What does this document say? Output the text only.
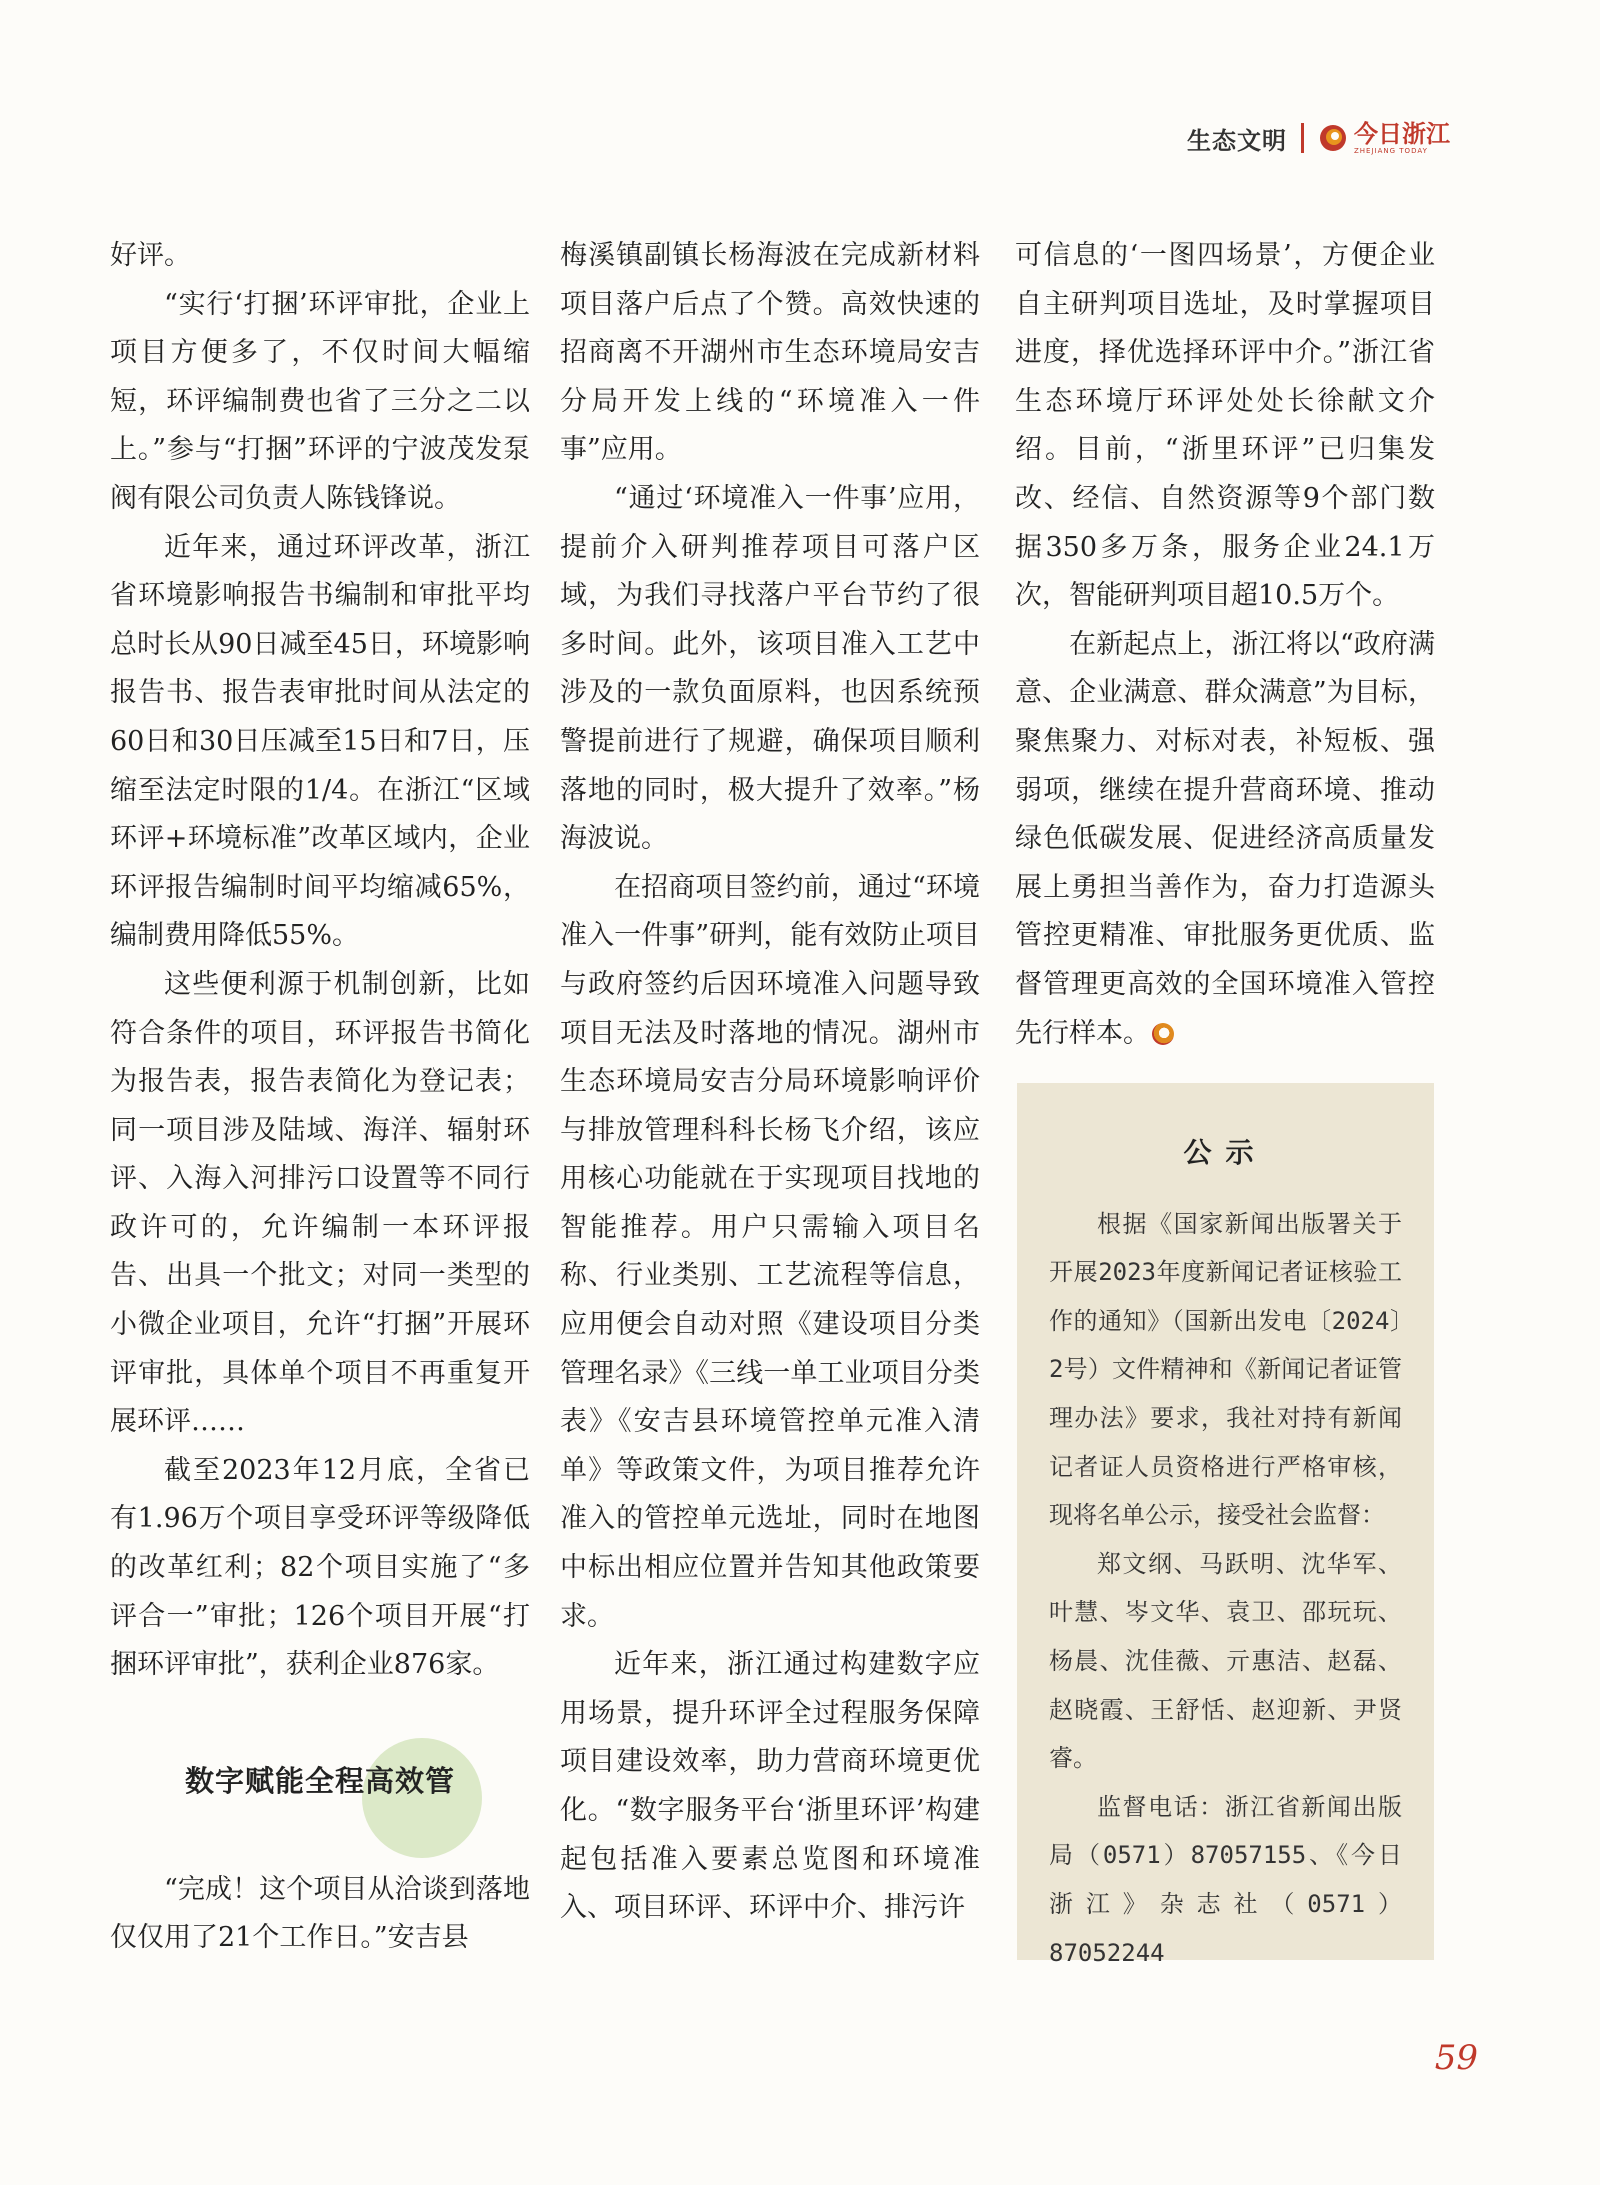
生态文明	今日浙江
ZHEJIANG TODAY

好评。

“实行‘打捆’环评审批，企业上项目方便多了，不仅时间大幅缩短，环评编制费也省了三分之二以上。”参与“打捆”环评的宁波茂发泵阀有限公司负责人陈钱锋说。

近年来，通过环评改革，浙江省环境影响报告书编制和审批平均总时长从90日减至45日，环境影响报告书、报告表审批时间从法定的60日和30日压减至15日和7日，压缩至法定时限的1/4。在浙江“区域环评+环境标准”改革区域内，企业环评报告编制时间平均缩减65%，编制费用降低55%。

这些便利源于机制创新，比如符合条件的项目，环评报告书简化为报告表，报告表简化为登记表；同一项目涉及陆域、海洋、辐射环评、入海入河排污口设置等不同行政许可的，允许编制一本环评报告、出具一个批文；对同一类型的小微企业项目，允许“打捆”开展环评审批，具体单个项目不再重复开展环评……

截至2023年12月底，全省已有1.96万个项目享受环评等级降低的改革红利；82个项目实施了“多评合一”审批；126个项目开展“打捆环评审批”，获利企业876家。

数字赋能全程高效管

“完成！这个项目从洽谈到落地仅仅用了21个工作日。”安吉县

梅溪镇副镇长杨海波在完成新材料项目落户后点了个赞。高效快速的招商离不开湖州市生态环境局安吉分局开发上线的“环境准入一件事”应用。

“通过‘环境准入一件事’应用，提前介入研判推荐项目可落户区域，为我们寻找落户平台节约了很多时间。此外，该项目准入工艺中涉及的一款负面原料，也因系统预警提前进行了规避，确保项目顺利落地的同时，极大提升了效率。”杨海波说。

在招商项目签约前，通过“环境准入一件事”研判，能有效防止项目与政府签约后因环境准入问题导致项目无法及时落地的情况。湖州市生态环境局安吉分局环境影响评价与排放管理科科长杨飞介绍，该应用核心功能就在于实现项目找地的智能推荐。用户只需输入项目名称、行业类别、工艺流程等信息，应用便会自动对照《建设项目分类管理名录》《三线一单工业项目分类表》《安吉县环境管控单元准入清单》等政策文件，为项目推荐允许准入的管控单元选址，同时在地图中标出相应位置并告知其他政策要求。

近年来，浙江通过构建数字应用场景，提升环评全过程服务保障项目建设效率，助力营商环境更优化。“数字服务平台‘浙里环评’构建起包括准入要素总览图和环境准入、项目环评、环评中介、排污许

可信息的‘一图四场景’，方便企业自主研判项目选址，及时掌握项目进度，择优选择环评中介。”浙江省生态环境厅环评处处长徐献文介绍。目前，“浙里环评”已归集发改、经信、自然资源等9个部门数据350多万条，服务企业24.1万次，智能研判项目超10.5万个。

在新起点上，浙江将以“政府满意、企业满意、群众满意”为目标，聚焦聚力、对标对表，补短板、强弱项，继续在提升营商环境、推动绿色低碳发展、促进经济高质量发展上勇担当善作为，奋力打造源头管控更精准、审批服务更优质、监督管理更高效的全国环境准入管控先行样本。

公示

根据《国家新闻出版署关于开展2023年度新闻记者证核验工作的通知》（国新出发电〔2024〕2号）文件精神和《新闻记者证管理办法》要求，我社对持有新闻记者证人员资格进行严格审核，现将名单公示，接受社会监督：

郑文纲、马跃明、沈华军、叶慧、岑文华、袁卫、邵玩玩、杨晨、沈佳薇、亓惠洁、赵磊、赵晓霞、王舒恬、赵迎新、尹贤睿。

监督电话：浙江省新闻出版局（0571）87057155、《今日浙江》杂志社（0571）87052244

59
